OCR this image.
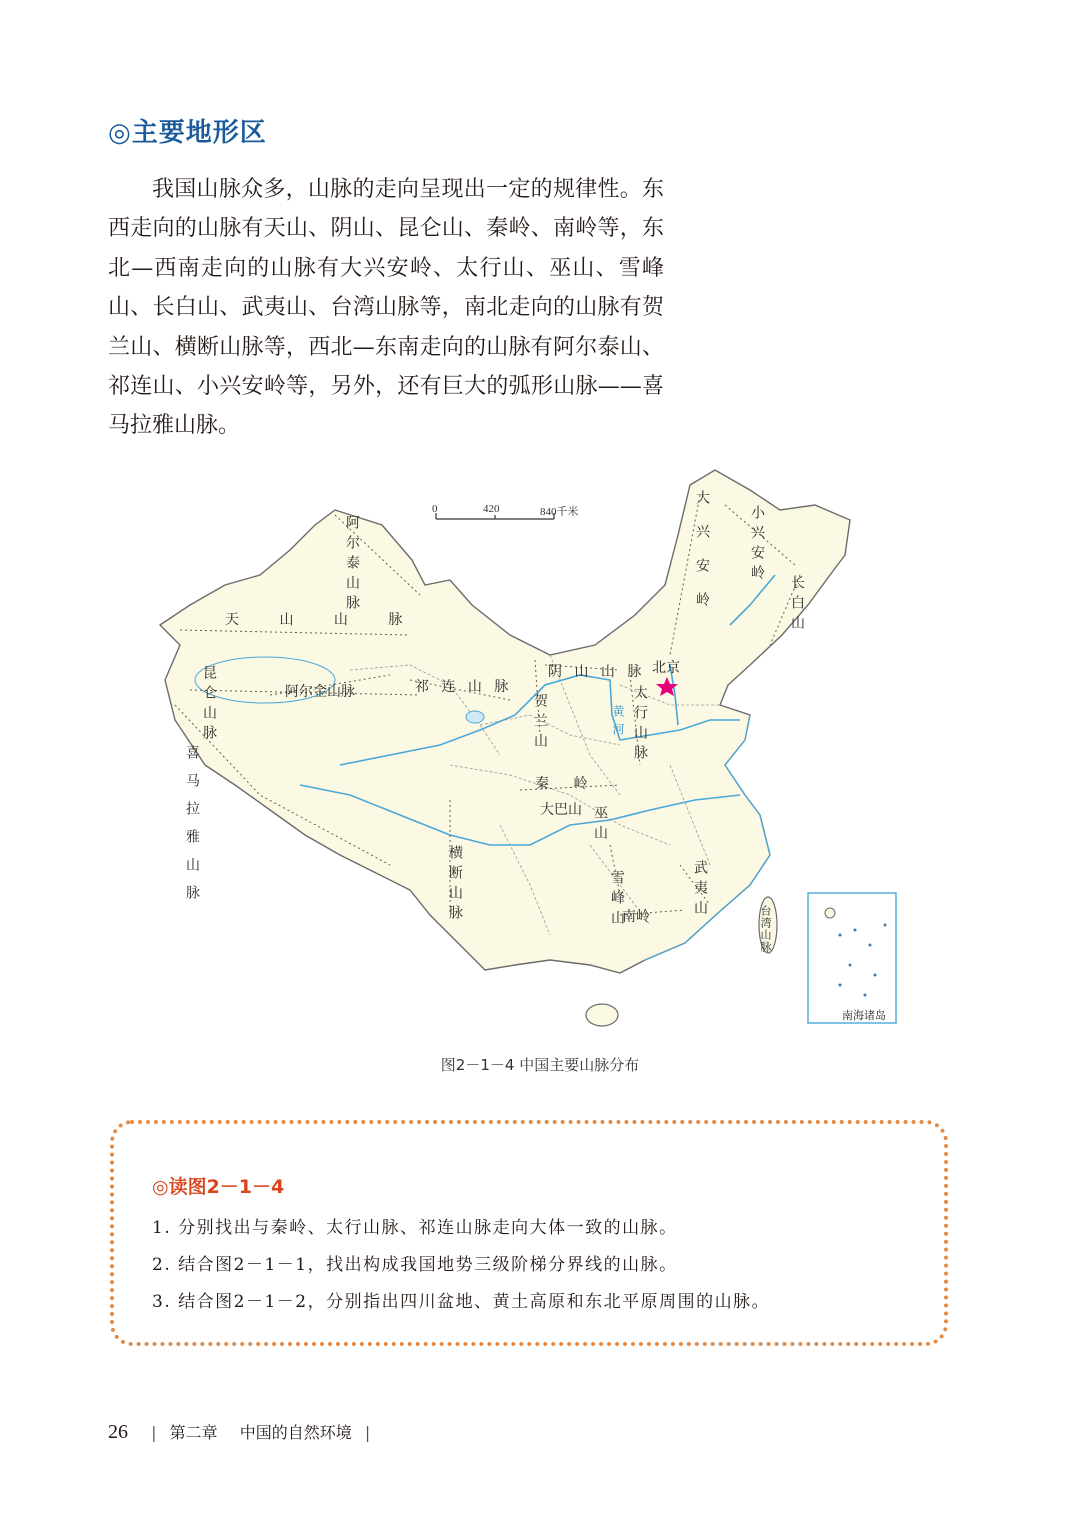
◎主要地形区

我国山脉众多，山脉的走向呈现出一定的规律性。东西走向的山脉有天山、阴山、昆仑山、秦岭、南岭等，东北—西南走向的山脉有大兴安岭、太行山、巫山、雪峰山、长白山、武夷山、台湾山脉等，南北走向的山脉有贺兰山、横断山脉等，西北—东南走向的山脉有阿尔泰山、祁连山、小兴安岭等，另外，还有巨大的弧形山脉——喜马拉雅山脉。

0	420	840千米
阿尔泰山脉
天 山 山 脉
昆仑山脉	阿尔金山脉	祁 连 山 脉
喜马拉雅山脉	横断山脉
阴 山 山 脉
贺兰山	太行山脉
秦 岭
大巴山 巫山
雪峰山
南岭	武夷山
台湾山脉
大兴安岭	小兴安岭
长白山
北京
黄河
南海诸岛

图2－1－4 中国主要山脉分布

◎读图2－1－4
1. 分别找出与秦岭、太行山脉、祁连山脉走向大体一致的山脉。
2. 结合图2－1－1，找出构成我国地势三级阶梯分界线的山脉。
3. 结合图2－1－2，分别指出四川盆地、黄土高原和东北平原周围的山脉。

26 | 第二章 中国的自然环境 |
